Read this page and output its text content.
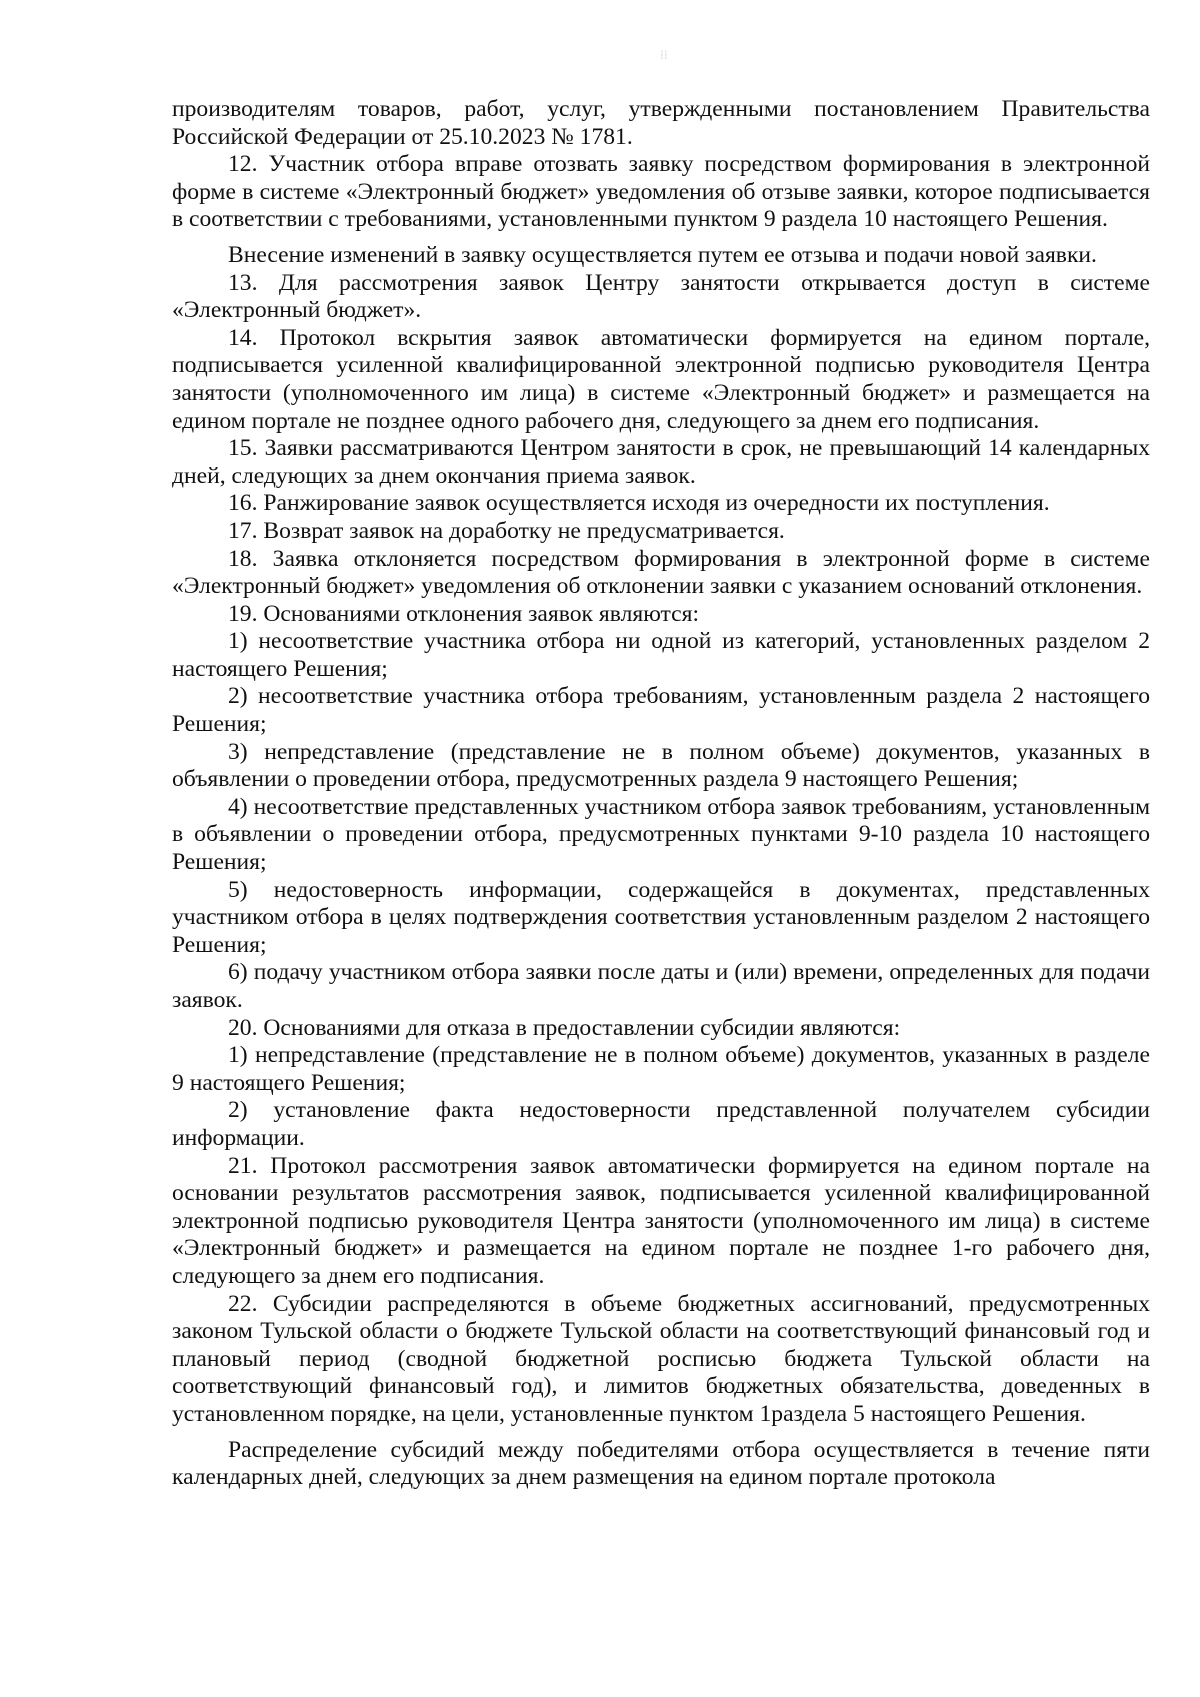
⁞⁞

производителям товаров, работ, услуг, утвержденными постановлением Правительства Российской Федерации от 25.10.2023 № 1781.

12. Участник отбора вправе отозвать заявку посредством формирования в электронной форме в системе «Электронный бюджет» уведомления об отзыве заявки, которое подписывается в соответствии с требованиями, установленными пунктом 9 раздела 10 настоящего Решения.

Внесение изменений в заявку осуществляется путем ее отзыва и подачи новой заявки.

13. Для рассмотрения заявок Центру занятости открывается доступ в системе «Электронный бюджет».

14. Протокол вскрытия заявок автоматически формируется на едином портале, подписывается усиленной квалифицированной электронной подписью руководителя Центра занятости (уполномоченного им лица) в системе «Электронный бюджет» и размещается на едином портале не позднее одного рабочего дня, следующего за днем его подписания.

15. Заявки рассматриваются Центром занятости в срок, не превышающий 14 календарных дней, следующих за днем окончания приема заявок.

16. Ранжирование заявок осуществляется исходя из очередности их поступления.

17. Возврат заявок на доработку не предусматривается.

18. Заявка отклоняется посредством формирования в электронной форме в системе «Электронный бюджет» уведомления об отклонении заявки с указанием оснований отклонения.

19. Основаниями отклонения заявок являются:

1) несоответствие участника отбора ни одной из категорий, установленных разделом 2 настоящего Решения;

2) несоответствие участника отбора требованиям, установленным раздела 2 настоящего Решения;

3) непредставление (представление не в полном объеме) документов, указанных в объявлении о проведении отбора, предусмотренных раздела 9 настоящего Решения;

4) несоответствие представленных участником отбора заявок требованиям, установленным в объявлении о проведении отбора, предусмотренных пунктами 9-10 раздела 10 настоящего Решения;

5) недостоверность информации, содержащейся в документах, представленных участником отбора в целях подтверждения соответствия установленным разделом 2 настоящего Решения;

6) подачу участником отбора заявки после даты и (или) времени, определенных для подачи заявок.

20. Основаниями для отказа в предоставлении субсидии являются:

1) непредставление (представление не в полном объеме) документов, указанных в разделе 9 настоящего Решения;

2) установление факта недостоверности представленной получателем субсидии информации.

21. Протокол рассмотрения заявок автоматически формируется на едином портале на основании результатов рассмотрения заявок, подписывается усиленной квалифицированной электронной подписью руководителя Центра занятости (уполномоченного им лица) в системе «Электронный бюджет» и размещается на едином портале не позднее 1-го рабочего дня, следующего за днем его подписания.

22. Субсидии распределяются в объеме бюджетных ассигнований, предусмотренных законом Тульской области о бюджете Тульской области на соответствующий финансовый год и плановый период (сводной бюджетной росписью бюджета Тульской области на соответствующий финансовый год), и лимитов бюджетных обязательства, доведенных в установленном порядке, на цели, установленные пунктом 1раздела 5 настоящего Решения.

Распределение субсидий между победителями отбора осуществляется в течение пяти календарных дней, следующих за днем размещения на едином портале протокола
